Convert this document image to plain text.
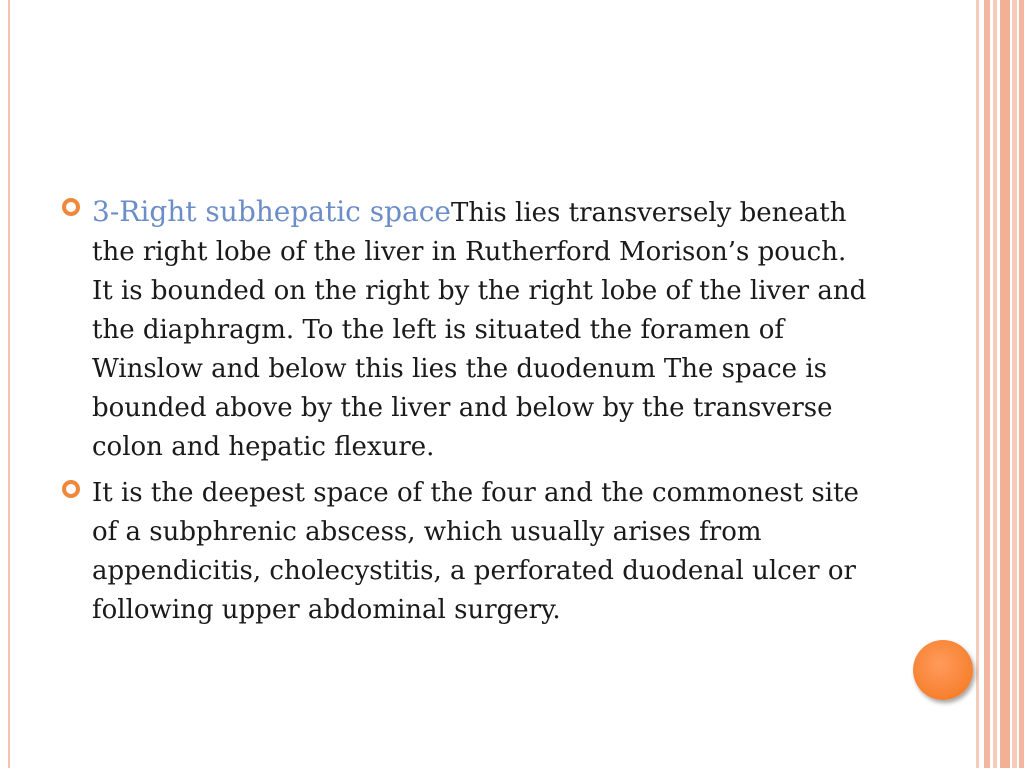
3-Right subhepatic spaceThis lies transversely beneath the right lobe of the liver in Rutherford Morison’s pouch. It is bounded on the right by the right lobe of the liver and the diaphragm. To the left is situated the foramen of Winslow and below this lies the duodenum The space is bounded above by the liver and below by the transverse colon and hepatic flexure.
It is the deepest space of the four and the commonest site of a subphrenic abscess, which usually arises from appendicitis, cholecystitis, a perforated duodenal ulcer or following upper abdominal surgery.
